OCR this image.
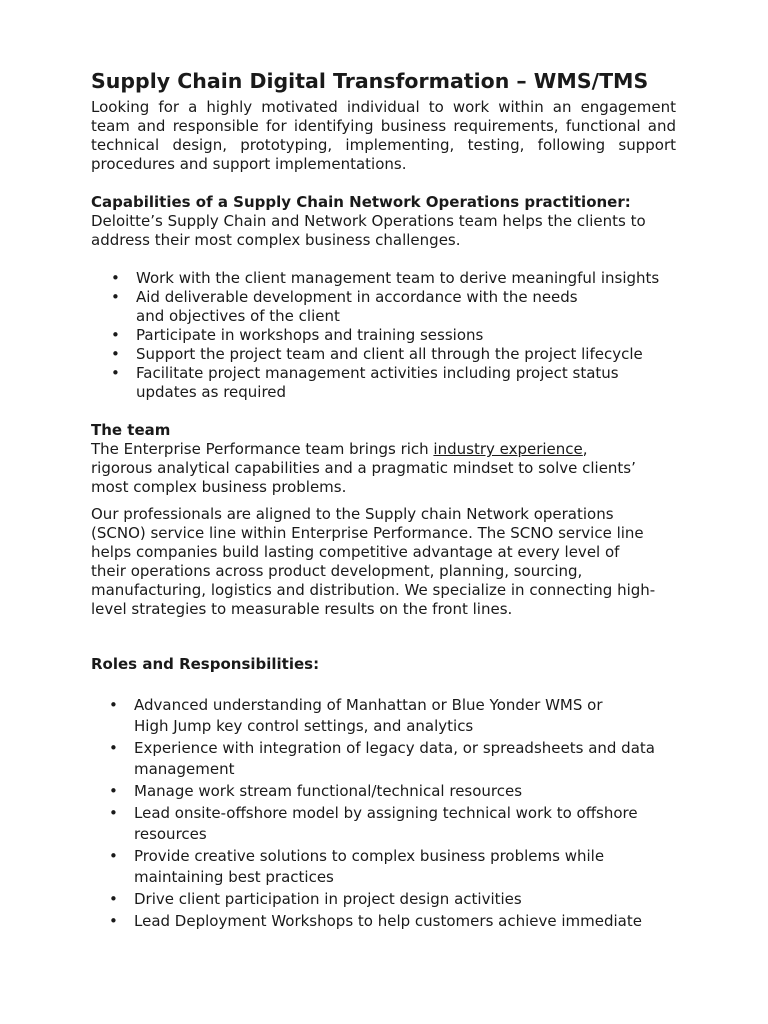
Supply Chain Digital Transformation – WMS/TMS

Looking for a highly motivated individual to work within an engagement team and responsible for identifying business requirements, functional and technical design, prototyping, implementing, testing, following support procedures and support implementations.

Capabilities of a Supply Chain Network Operations practitioner:

Deloitte’s Supply Chain and Network Operations team helps the clients to address their most complex business challenges.

• Work with the client management team to derive meaningful insights
• Aid deliverable development in accordance with the needs and objectives of the client
• Participate in workshops and training sessions
• Support the project team and client all through the project lifecycle
• Facilitate project management activities including project status updates as required
The team

The Enterprise Performance team brings rich industry experience, rigorous analytical capabilities and a pragmatic mindset to solve clients’ most complex business problems.

Our professionals are aligned to the Supply chain Network operations (SCNO) service line within Enterprise Performance. The SCNO service line helps companies build lasting competitive advantage at every level of their operations across product development, planning, sourcing, manufacturing, logistics and distribution. We specialize in connecting high-level strategies to measurable results on the front lines.

Roles and Responsibilities:
• Advanced understanding of Manhattan or Blue Yonder WMS or High Jump key control settings, and analytics
• Experience with integration of legacy data, or spreadsheets and data management
• Manage work stream functional/technical resources
• Lead onsite-offshore model by assigning technical work to offshore resources
• Provide creative solutions to complex business problems while maintaining best practices
• Drive client participation in project design activities
• Lead Deployment Workshops to help customers achieve immediate
